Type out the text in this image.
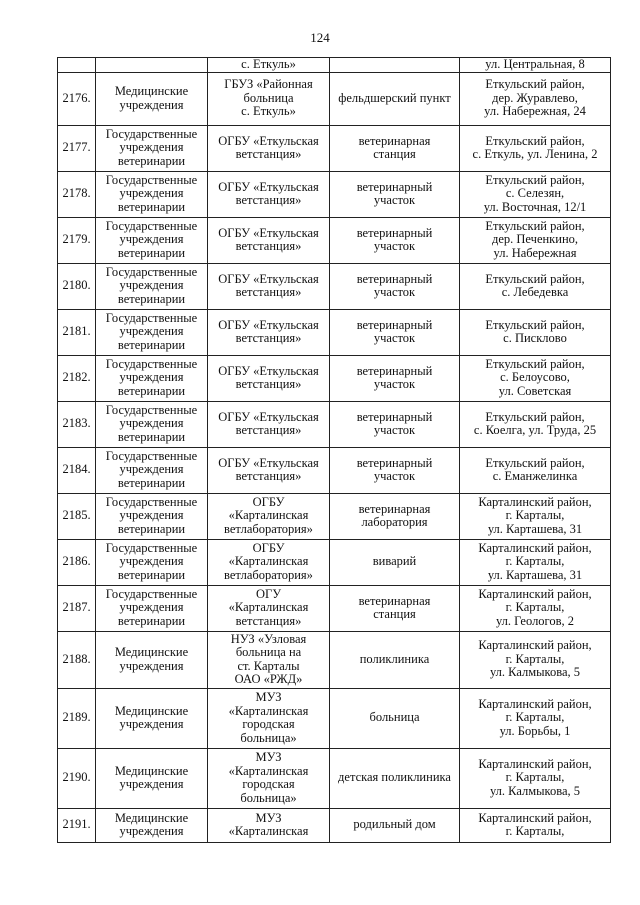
124
		с. Еткуль»		ул. Центральная, 8
2176.	Медицинские
учреждения	ГБУЗ «Районная
больница
с. Еткуль»	фельдшерский пункт	Еткульский район,
дер. Журавлево,
ул. Набережная, 24
2177.	Государственные
учреждения
ветеринарии	ОГБУ «Еткульская
ветстанция»	ветеринарная
станция	Еткульский район,
с. Еткуль, ул. Ленина, 2
2178.	Государственные
учреждения
ветеринарии	ОГБУ «Еткульская
ветстанция»	ветеринарный
участок	Еткульский район,
с. Селезян,
ул. Восточная, 12/1
2179.	Государственные
учреждения
ветеринарии	ОГБУ «Еткульская
ветстанция»	ветеринарный
участок	Еткульский район,
дер. Печенкино,
ул. Набережная
2180.	Государственные
учреждения
ветеринарии	ОГБУ «Еткульская
ветстанция»	ветеринарный
участок	Еткульский район,
с. Лебедевка
2181.	Государственные
учреждения
ветеринарии	ОГБУ «Еткульская
ветстанция»	ветеринарный
участок	Еткульский район,
с. Писклово
2182.	Государственные
учреждения
ветеринарии	ОГБУ «Еткульская
ветстанция»	ветеринарный
участок	Еткульский район,
с. Белоусово,
ул. Советская
2183.	Государственные
учреждения
ветеринарии	ОГБУ «Еткульская
ветстанция»	ветеринарный
участок	Еткульский район,
с. Коелга, ул. Труда, 25
2184.	Государственные
учреждения
ветеринарии	ОГБУ «Еткульская
ветстанция»	ветеринарный
участок	Еткульский район,
с. Еманжелинка
2185.	Государственные
учреждения
ветеринарии	ОГБУ
«Карталинская
ветлаборатория»	ветеринарная
лаборатория	Карталинский район,
г. Карталы,
ул. Карташева, 31
2186.	Государственные
учреждения
ветеринарии	ОГБУ
«Карталинская
ветлаборатория»	виварий	Карталинский район,
г. Карталы,
ул. Карташева, 31
2187.	Государственные
учреждения
ветеринарии	ОГУ
«Карталинская
ветстанция»	ветеринарная
станция	Карталинский район,
г. Карталы,
ул. Геологов, 2
2188.	Медицинские
учреждения	НУЗ «Узловая
больница на
ст. Карталы
ОАО «РЖД»	поликлиника	Карталинский район,
г. Карталы,
ул. Калмыкова, 5
2189.	Медицинские
учреждения	МУЗ
«Карталинская
городская
больница»	больница	Карталинский район,
г. Карталы,
ул. Борьбы, 1
2190.	Медицинские
учреждения	МУЗ
«Карталинская
городская
больница»	детская поликлиника	Карталинский район,
г. Карталы,
ул. Калмыкова, 5
2191.	Медицинские
учреждения	МУЗ
«Карталинская	родильный дом	Карталинский район,
г. Карталы,
